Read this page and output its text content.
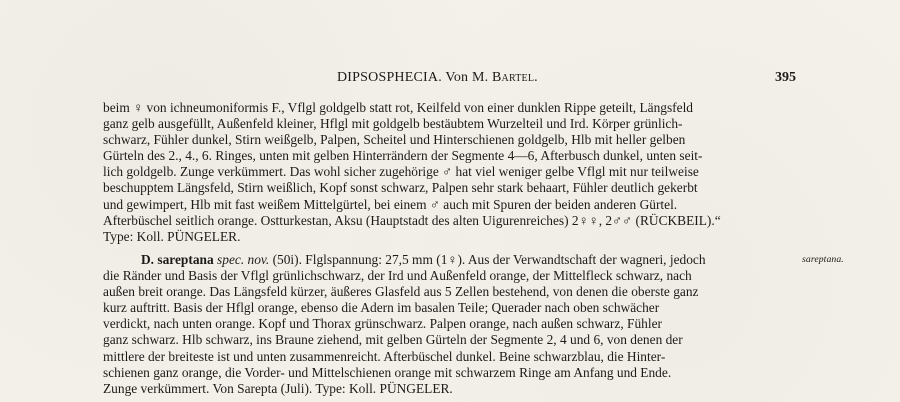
DIPSOSPHECIA. Von M. Bartel.	395
beim ♀ von ichneumoniformis F., Vflgl goldgelb statt rot, Keilfeld von einer dunklen Rippe geteilt, Längsfeld
ganz gelb ausgefüllt, Außenfeld kleiner, Hflgl mit goldgelb bestäubtem Wurzelteil und Ird. Körper grünlich-
schwarz, Fühler dunkel, Stirn weißgelb, Palpen, Scheitel und Hinterschienen goldgelb, Hlb mit heller gelben
Gürteln des 2., 4., 6. Ringes, unten mit gelben Hinterrändern der Segmente 4—6, Afterbusch dunkel, unten seit-
lich goldgelb. Zunge verkümmert. Das wohl sicher zugehörige ♂ hat viel weniger gelbe Vflgl mit nur teilweise
beschupptem Längsfeld, Stirn weißlich, Kopf sonst schwarz, Palpen sehr stark behaart, Fühler deutlich gekerbt
und gewimpert, Hlb mit fast weißem Mittelgürtel, bei einem ♂ auch mit Spuren der beiden anderen Gürtel.
Afterbüschel seitlich orange. Ostturkestan, Aksu (Hauptstadt des alten Uigurenreiches) 2♀♀, 2♂♂ (RÜCKBEIL).“
Type: Koll. PÜNGELER.
D. sareptana spec. nov. (50i). Flglspannung: 27,5 mm (1♀). Aus der Verwandtschaft der wagneri, jedoch
die Ränder und Basis der Vflgl grünlichschwarz, der Ird und Außenfeld orange, der Mittelfleck schwarz, nach
außen breit orange. Das Längsfeld kürzer, äußeres Glasfeld aus 5 Zellen bestehend, von denen die oberste ganz
kurz auftritt. Basis der Hflgl orange, ebenso die Adern im basalen Teile; Querader nach oben schwächer
verdickt, nach unten orange. Kopf und Thorax grünschwarz. Palpen orange, nach außen schwarz, Fühler
ganz schwarz. Hlb schwarz, ins Braune ziehend, mit gelben Gürteln der Segmente 2, 4 und 6, von denen der
mittlere der breiteste ist und unten zusammenreicht. Afterbüschel dunkel. Beine schwarzblau, die Hinter-
schienen ganz orange, die Vorder- und Mittelschienen orange mit schwarzem Ringe am Anfang und Ende.
Zunge verkümmert. Von Sarepta (Juli). Type: Koll. PÜNGELER.
sareptana.
